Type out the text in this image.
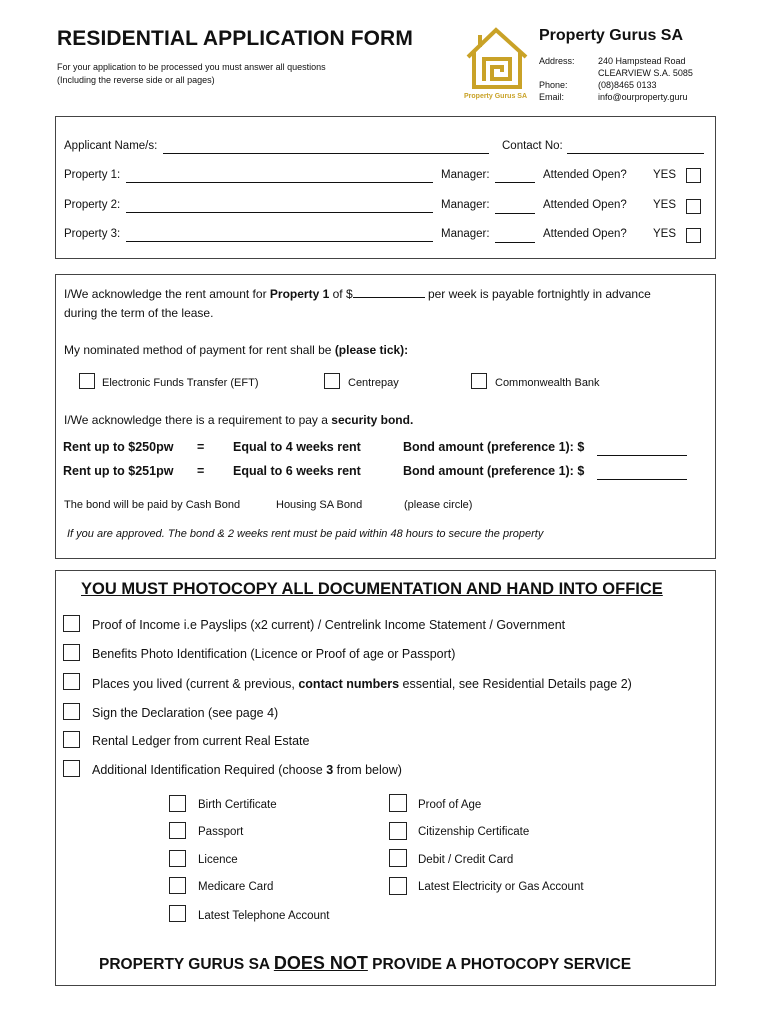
RESIDENTIAL APPLICATION FORM
For your application to be processed you must answer all questions
(Including the reverse side or all pages)
Property Gurus SA
Property Gurus SA
Address:	240 Hampstead Road
CLEARVIEW S.A. 5085
Phone:	(08)8465 0133
Email:	info@ourproperty.guru
Applicant Name/s:	Contact No:
Property 1:	Manager:	Attended Open? YES
Property 2:	Manager:	Attended Open? YES
Property 3:	Manager:	Attended Open? YES
I/We acknowledge the rent amount for Property 1 of $	per week is payable fortnightly in advance
during the term of the lease.
My nominated method of payment for rent shall be (please tick):
Electronic Funds Transfer (EFT)	Centrepay	Commonwealth Bank
I/We acknowledge there is a requirement to pay a security bond.
Rent up to $250pw = Equal to 4 weeks rent	Bond amount (preference 1): $
Rent up to $251pw = Equal to 6 weeks rent	Bond amount (preference 1): $
The bond will be paid by Cash Bond	Housing SA Bond	(please circle)
If you are approved. The bond & 2 weeks rent must be paid within 48 hours to secure the property
YOU MUST PHOTOCOPY ALL DOCUMENTATION AND HAND INTO OFFICE
Proof of Income i.e Payslips (x2 current) / Centrelink Income Statement / Government
Benefits Photo Identification (Licence or Proof of age or Passport)
Places you lived (current & previous, contact numbers essential, see Residential Details page 2)
Sign the Declaration (see page 4)
Rental Ledger from current Real Estate
Additional Identification Required (choose 3 from below)
Birth Certificate
Passport
Licence
Medicare Card
Latest Telephone Account
Proof of Age
Citizenship Certificate
Debit / Credit Card
Latest Electricity or Gas Account
PROPERTY GURUS SA DOES NOT PROVIDE A PHOTOCOPY SERVICE
